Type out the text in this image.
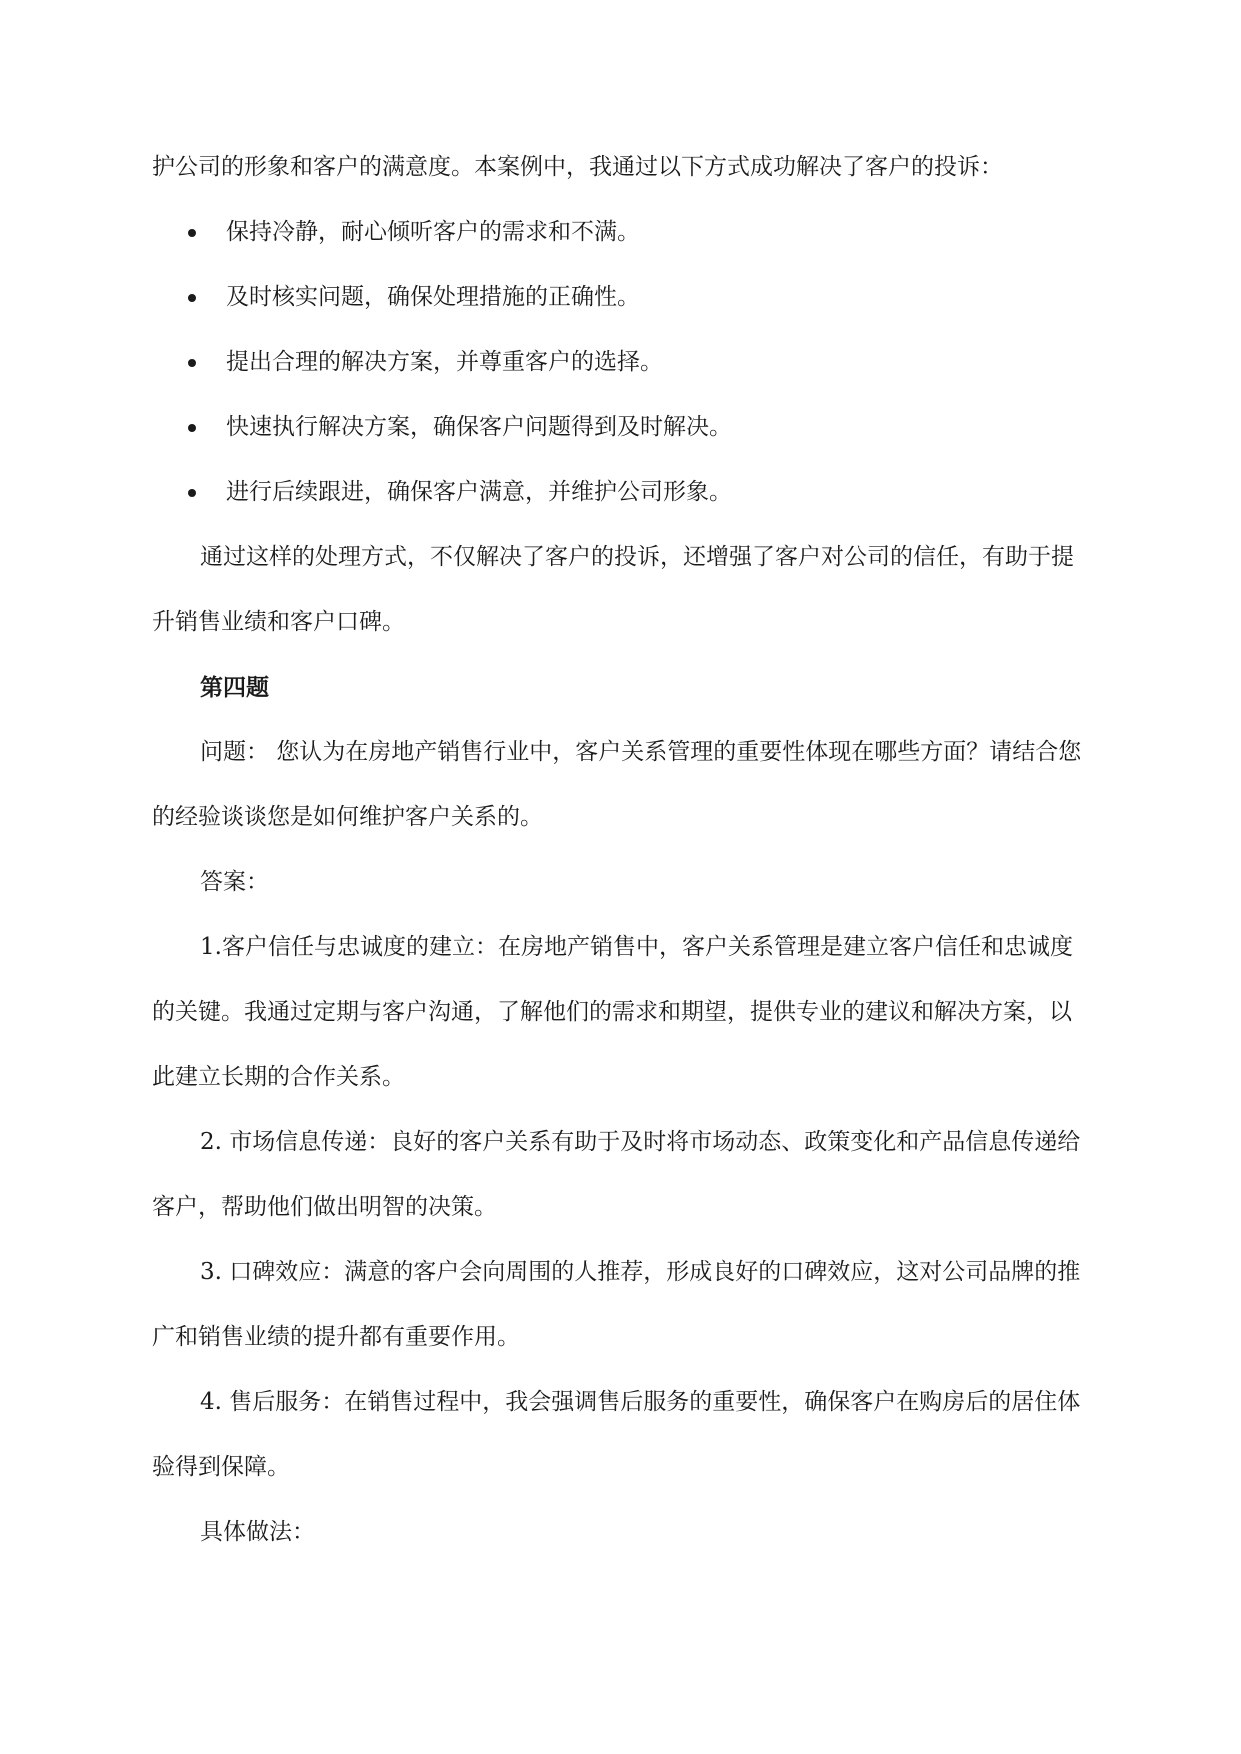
护公司的形象和客户的满意度。本案例中，我通过以下方式成功解决了客户的投诉：

保持冷静，耐心倾听客户的需求和不满。
及时核实问题，确保处理措施的正确性。
提出合理的解决方案，并尊重客户的选择。
快速执行解决方案，确保客户问题得到及时解决。
进行后续跟进，确保客户满意，并维护公司形象。

通过这样的处理方式，不仅解决了客户的投诉，还增强了客户对公司的信任，有助于提升销售业绩和客户口碑。

第四题

问题： 您认为在房地产销售行业中，客户关系管理的重要性体现在哪些方面？请结合您的经验谈谈您是如何维护客户关系的。

答案：

1.客户信任与忠诚度的建立：在房地产销售中，客户关系管理是建立客户信任和忠诚度的关键。我通过定期与客户沟通，了解他们的需求和期望，提供专业的建议和解决方案，以此建立长期的合作关系。

2. 市场信息传递：良好的客户关系有助于及时将市场动态、政策变化和产品信息传递给客户，帮助他们做出明智的决策。

3. 口碑效应：满意的客户会向周围的人推荐，形成良好的口碑效应，这对公司品牌的推广和销售业绩的提升都有重要作用。

4. 售后服务：在销售过程中，我会强调售后服务的重要性，确保客户在购房后的居住体验得到保障。

具体做法：
